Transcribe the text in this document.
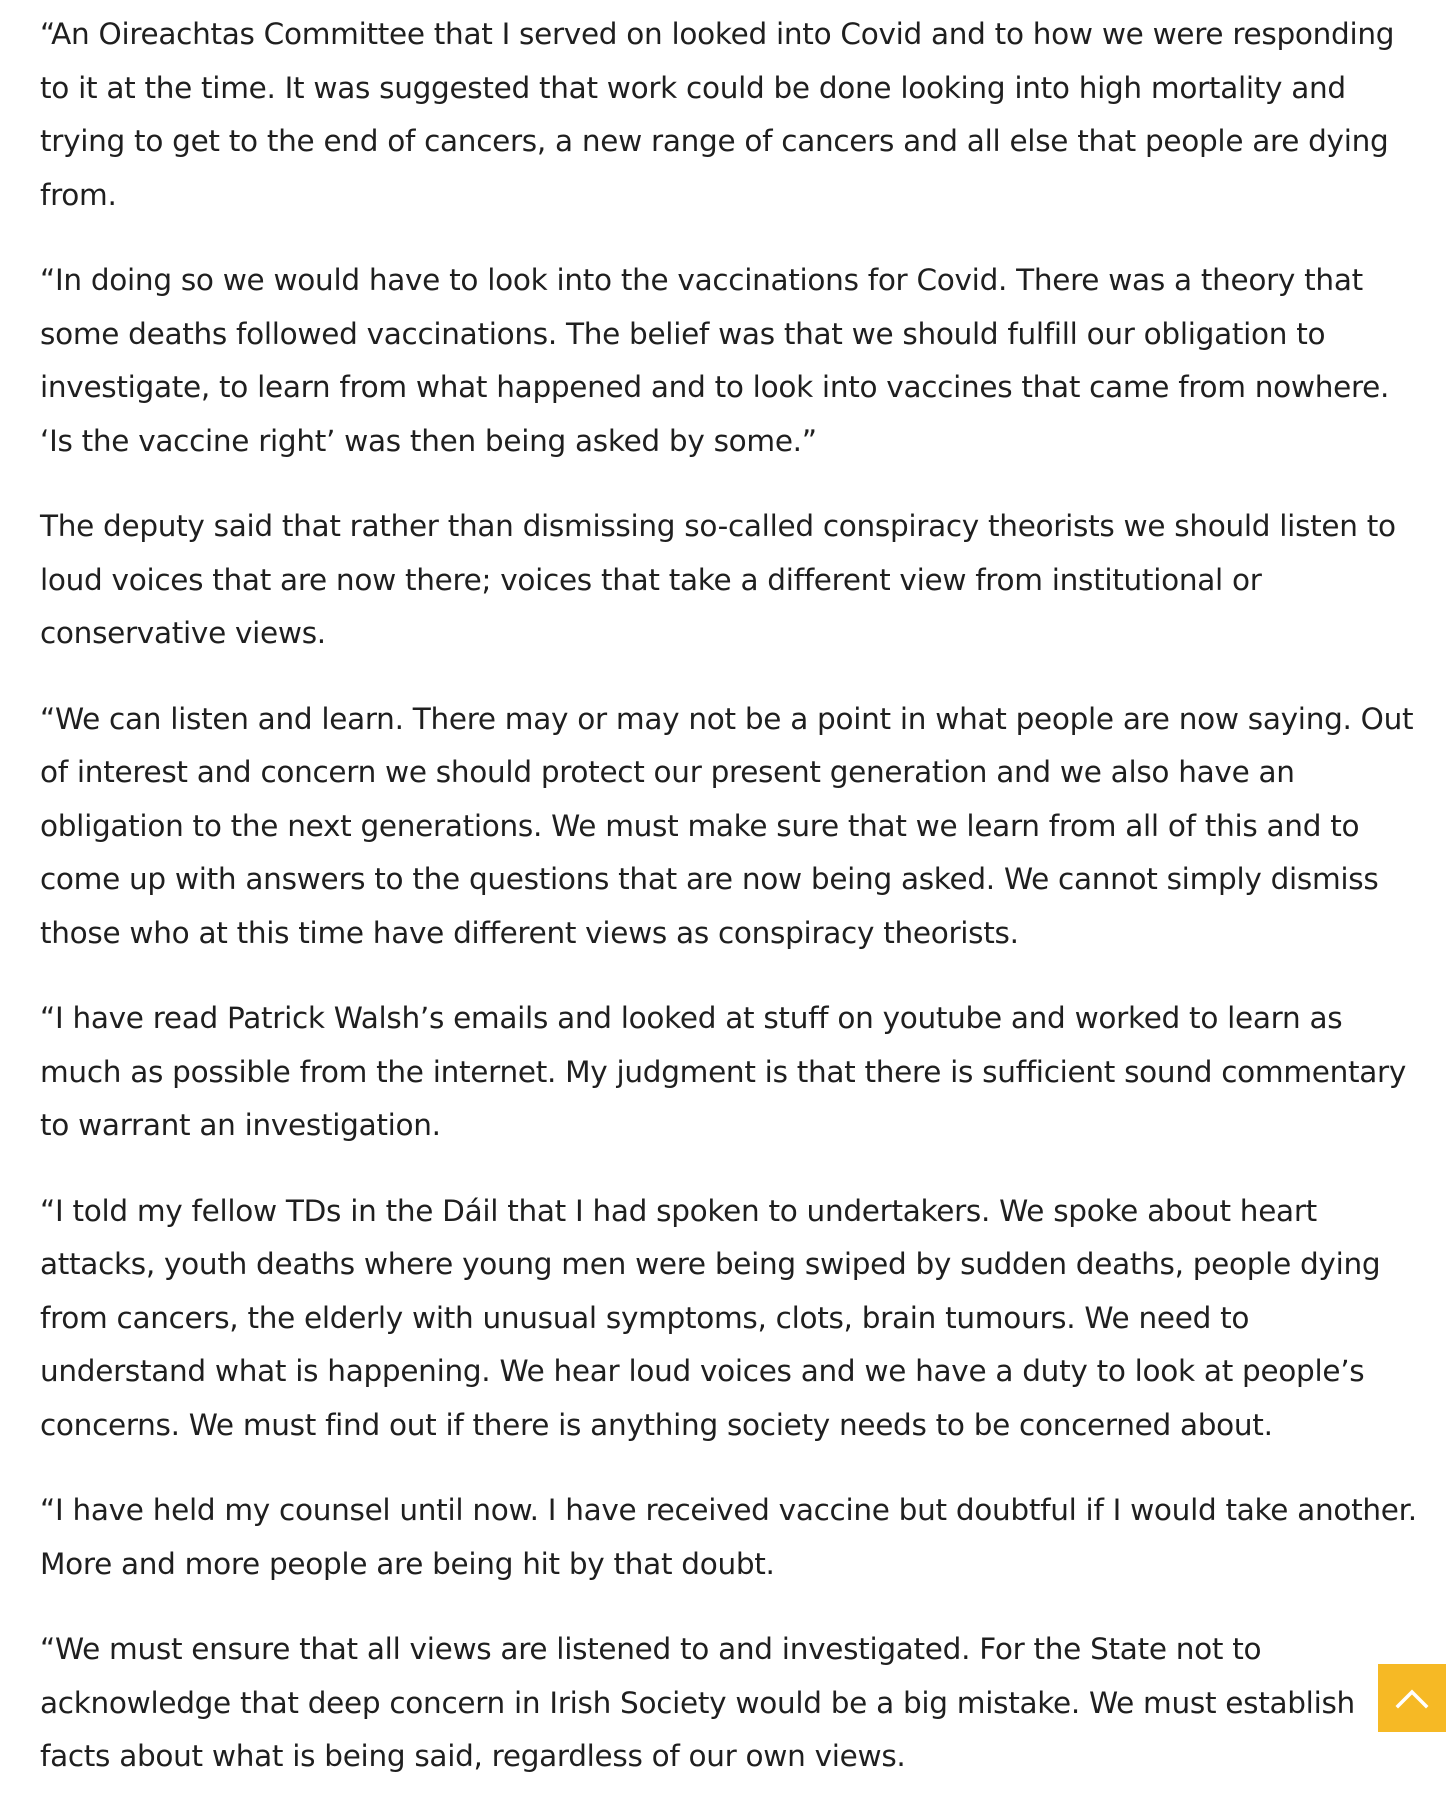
“An Oireachtas Committee that I served on looked into Covid and to how we were responding to it at the time. It was suggested that work could be done looking into high mortality and trying to get to the end of cancers, a new range of cancers and all else that people are dying from.

“In doing so we would have to look into the vaccinations for Covid. There was a theory that some deaths followed vaccinations. The belief was that we should fulfill our obligation to investigate, to learn from what happened and to look into vaccines that came from nowhere. ‘Is the vaccine right’ was then being asked by some.”

The deputy said that rather than dismissing so-called conspiracy theorists we should listen to loud voices that are now there; voices that take a different view from institutional or conservative views.

“We can listen and learn. There may or may not be a point in what people are now saying. Out of interest and concern we should protect our present generation and we also have an obligation to the next generations. We must make sure that we learn from all of this and to come up with answers to the questions that are now being asked. We cannot simply dismiss those who at this time have different views as conspiracy theorists.

“I have read Patrick Walsh’s emails and looked at stuff on youtube and worked to learn as much as possible from the internet. My judgment is that there is sufficient sound commentary to warrant an investigation.

“I told my fellow TDs in the Dáil that I had spoken to undertakers. We spoke about heart attacks, youth deaths where young men were being swiped by sudden deaths, people dying from cancers, the elderly with unusual symptoms, clots, brain tumours. We need to understand what is happening. We hear loud voices and we have a duty to look at people’s concerns. We must find out if there is anything society needs to be concerned about.

“I have held my counsel until now. I have received vaccine but doubtful if I would take another. More and more people are being hit by that doubt.

“We must ensure that all views are listened to and investigated. For the State not to acknowledge that deep concern in Irish Society would be a big mistake. We must establish facts about what is being said, regardless of our own views.
